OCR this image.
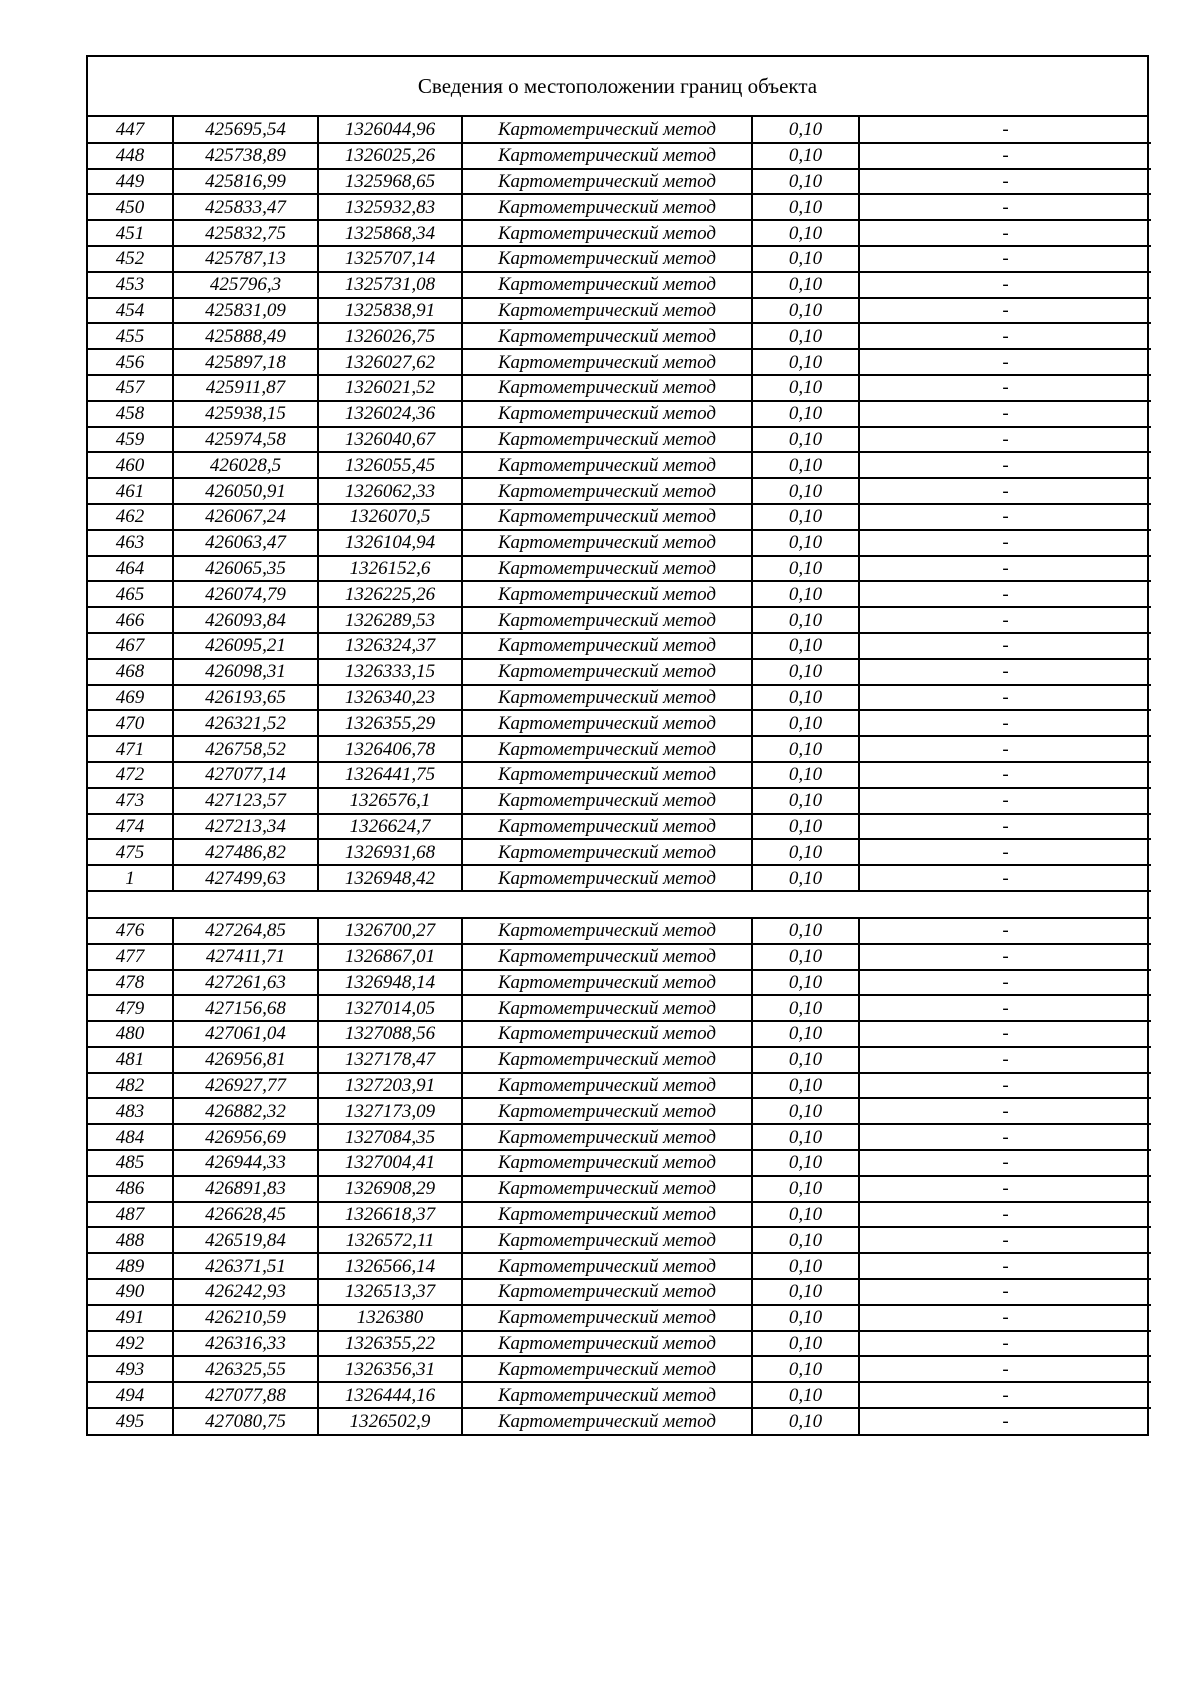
Сведения о местоположении границ объекта
447	425695,54	1326044,96	Картометрический метод	0,10	-
448	425738,89	1326025,26	Картометрический метод	0,10	-
449	425816,99	1325968,65	Картометрический метод	0,10	-
450	425833,47	1325932,83	Картометрический метод	0,10	-
451	425832,75	1325868,34	Картометрический метод	0,10	-
452	425787,13	1325707,14	Картометрический метод	0,10	-
453	425796,3	1325731,08	Картометрический метод	0,10	-
454	425831,09	1325838,91	Картометрический метод	0,10	-
455	425888,49	1326026,75	Картометрический метод	0,10	-
456	425897,18	1326027,62	Картометрический метод	0,10	-
457	425911,87	1326021,52	Картометрический метод	0,10	-
458	425938,15	1326024,36	Картометрический метод	0,10	-
459	425974,58	1326040,67	Картометрический метод	0,10	-
460	426028,5	1326055,45	Картометрический метод	0,10	-
461	426050,91	1326062,33	Картометрический метод	0,10	-
462	426067,24	1326070,5	Картометрический метод	0,10	-
463	426063,47	1326104,94	Картометрический метод	0,10	-
464	426065,35	1326152,6	Картометрический метод	0,10	-
465	426074,79	1326225,26	Картометрический метод	0,10	-
466	426093,84	1326289,53	Картометрический метод	0,10	-
467	426095,21	1326324,37	Картометрический метод	0,10	-
468	426098,31	1326333,15	Картометрический метод	0,10	-
469	426193,65	1326340,23	Картометрический метод	0,10	-
470	426321,52	1326355,29	Картометрический метод	0,10	-
471	426758,52	1326406,78	Картометрический метод	0,10	-
472	427077,14	1326441,75	Картометрический метод	0,10	-
473	427123,57	1326576,1	Картометрический метод	0,10	-
474	427213,34	1326624,7	Картометрический метод	0,10	-
475	427486,82	1326931,68	Картометрический метод	0,10	-
1	427499,63	1326948,42	Картометрический метод	0,10	-

476	427264,85	1326700,27	Картометрический метод	0,10	-
477	427411,71	1326867,01	Картометрический метод	0,10	-
478	427261,63	1326948,14	Картометрический метод	0,10	-
479	427156,68	1327014,05	Картометрический метод	0,10	-
480	427061,04	1327088,56	Картометрический метод	0,10	-
481	426956,81	1327178,47	Картометрический метод	0,10	-
482	426927,77	1327203,91	Картометрический метод	0,10	-
483	426882,32	1327173,09	Картометрический метод	0,10	-
484	426956,69	1327084,35	Картометрический метод	0,10	-
485	426944,33	1327004,41	Картометрический метод	0,10	-
486	426891,83	1326908,29	Картометрический метод	0,10	-
487	426628,45	1326618,37	Картометрический метод	0,10	-
488	426519,84	1326572,11	Картометрический метод	0,10	-
489	426371,51	1326566,14	Картометрический метод	0,10	-
490	426242,93	1326513,37	Картометрический метод	0,10	-
491	426210,59	1326380	Картометрический метод	0,10	-
492	426316,33	1326355,22	Картометрический метод	0,10	-
493	426325,55	1326356,31	Картометрический метод	0,10	-
494	427077,88	1326444,16	Картометрический метод	0,10	-
495	427080,75	1326502,9	Картометрический метод	0,10	-
